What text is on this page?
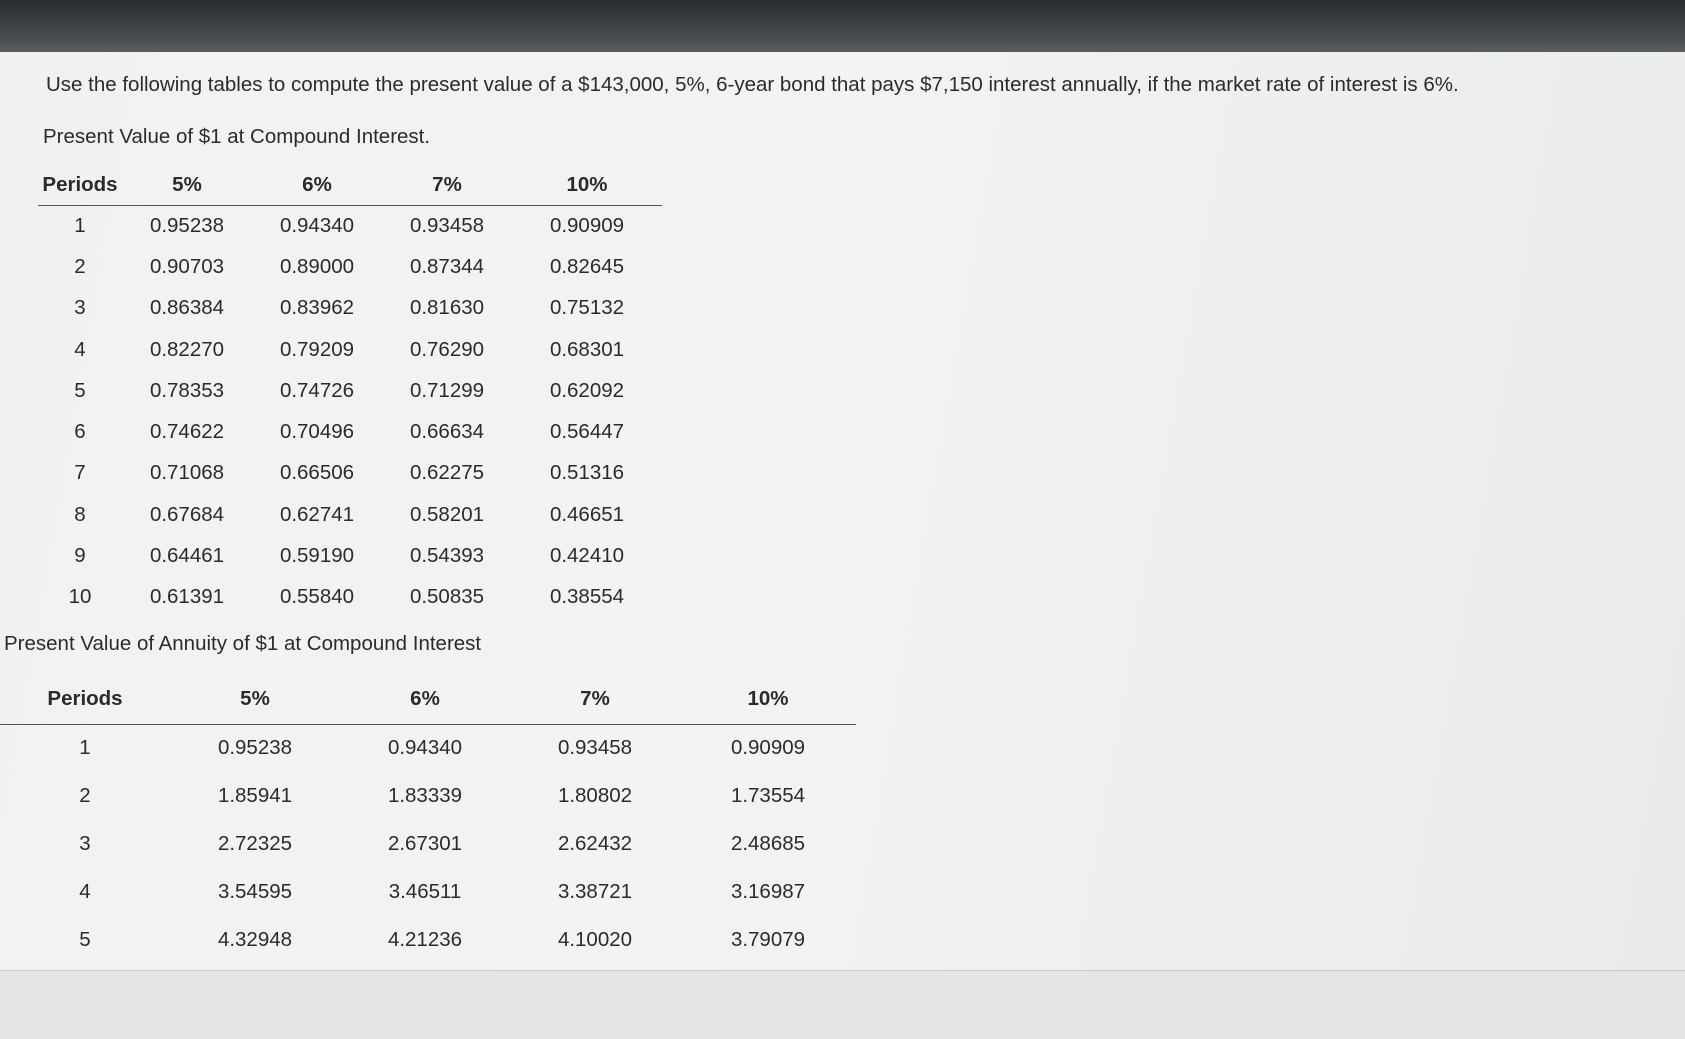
Use the following tables to compute the present value of a $143,000, 5%, 6-year bond that pays $7,150 interest annually, if the market rate of interest is 6%.

Present Value of $1 at Compound Interest.

Periods	5%	6%	7%	10%
1	0.95238	0.94340	0.93458	0.90909
2	0.90703	0.89000	0.87344	0.82645
3	0.86384	0.83962	0.81630	0.75132
4	0.82270	0.79209	0.76290	0.68301
5	0.78353	0.74726	0.71299	0.62092
6	0.74622	0.70496	0.66634	0.56447
7	0.71068	0.66506	0.62275	0.51316
8	0.67684	0.62741	0.58201	0.46651
9	0.64461	0.59190	0.54393	0.42410
10	0.61391	0.55840	0.50835	0.38554

Present Value of Annuity of $1 at Compound Interest

Periods	5%	6%	7%	10%
1	0.95238	0.94340	0.93458	0.90909
2	1.85941	1.83339	1.80802	1.73554
3	2.72325	2.67301	2.62432	2.48685
4	3.54595	3.46511	3.38721	3.16987
5	4.32948	4.21236	4.10020	3.79079
